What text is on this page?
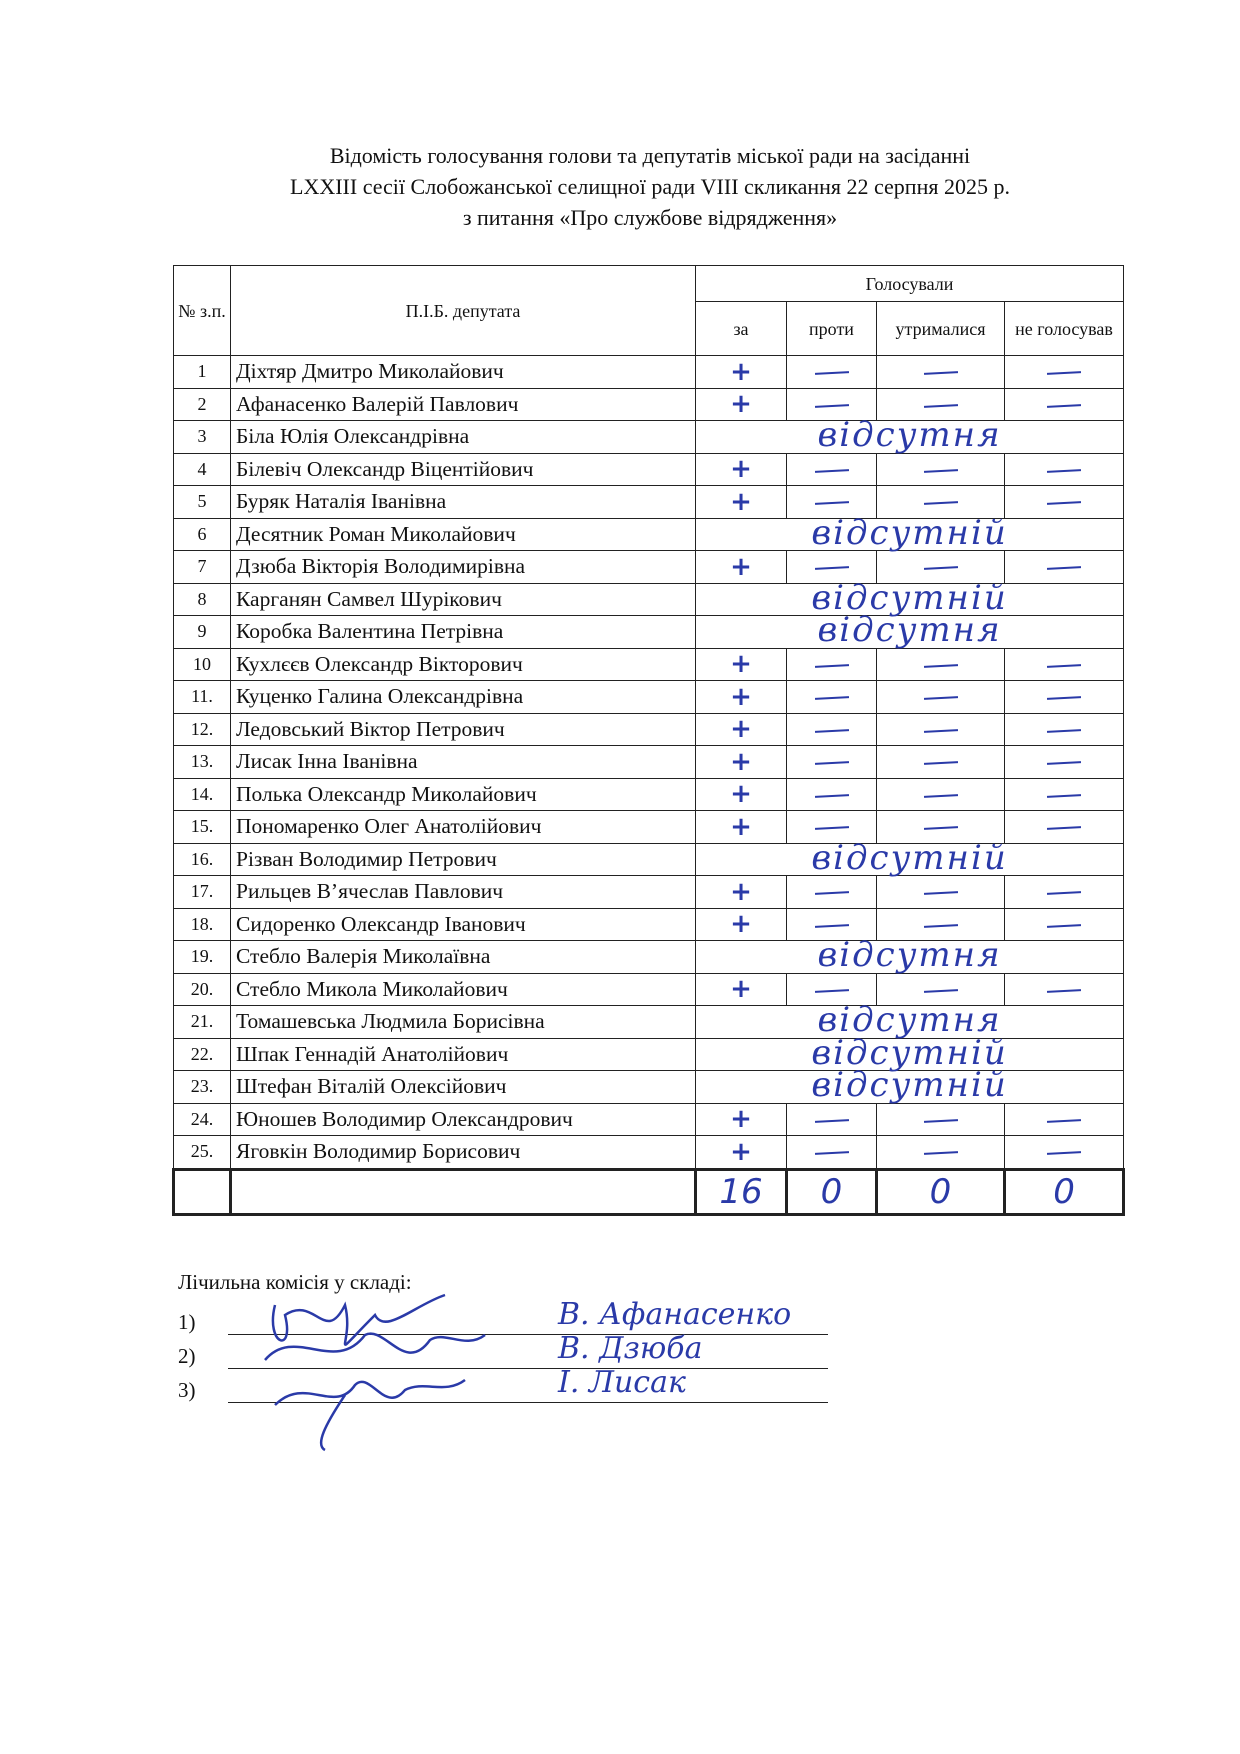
Відомість голосування голови та депутатів міської ради на засіданні
LXXIII сесії Слобожанської селищної ради VIII скликання 22 серпня 2025 р.
з питання «Про службове відрядження»
№ з.п.	П.І.Б. депутата	Голосували			
		за	проти	утрималися	не голосував
1	Діхтяр Дмитро Миколайович	+			
2	Афанасенко Валерій Павлович	+			
3	Біла Юлія Олександрівна	відсутня			

4	Білевіч Олександр Віцентійович	+			
5	Буряк Наталія Іванівна	+			
6	Десятник Роман Миколайович	відсутній			

7	Дзюба Вікторія Володимирівна	+			
8	Карганян Самвел Шурікович	відсутній			

9	Коробка Валентина Петрівна	відсутня			

10	Кухлєєв Олександр Вікторович	+			
11.	Куценко Галина Олександрівна	+			
12.	Ледовський Віктор Петрович	+			
13.	Лисак Інна Іванівна	+			
14.	Полька Олександр Миколайович	+			
15.	Пономаренко Олег Анатолійович	+			
16.	Різван Володимир Петрович	відсутній			

17.	Рильцев В’ячеслав Павлович	+			
18.	Сидоренко Олександр Іванович	+			
19.	Стебло Валерія Миколаївна	відсутня			

20.	Стебло Микола Миколайович	+			
21.	Томашевська Людмила Борисівна	відсутня			

22.	Шпак Геннадій Анатолійович	відсутній			

23.	Штефан Віталій Олексійович	відсутній			

24.	Юношев Володимир Олександрович	+			
25.	Яговкін Володимир Борисович	+			
		16	0	0	0
Лічильна комісія у складі:
1)	В. Афанасенко
2)	В. Дзюба
3)	І. Лисак
